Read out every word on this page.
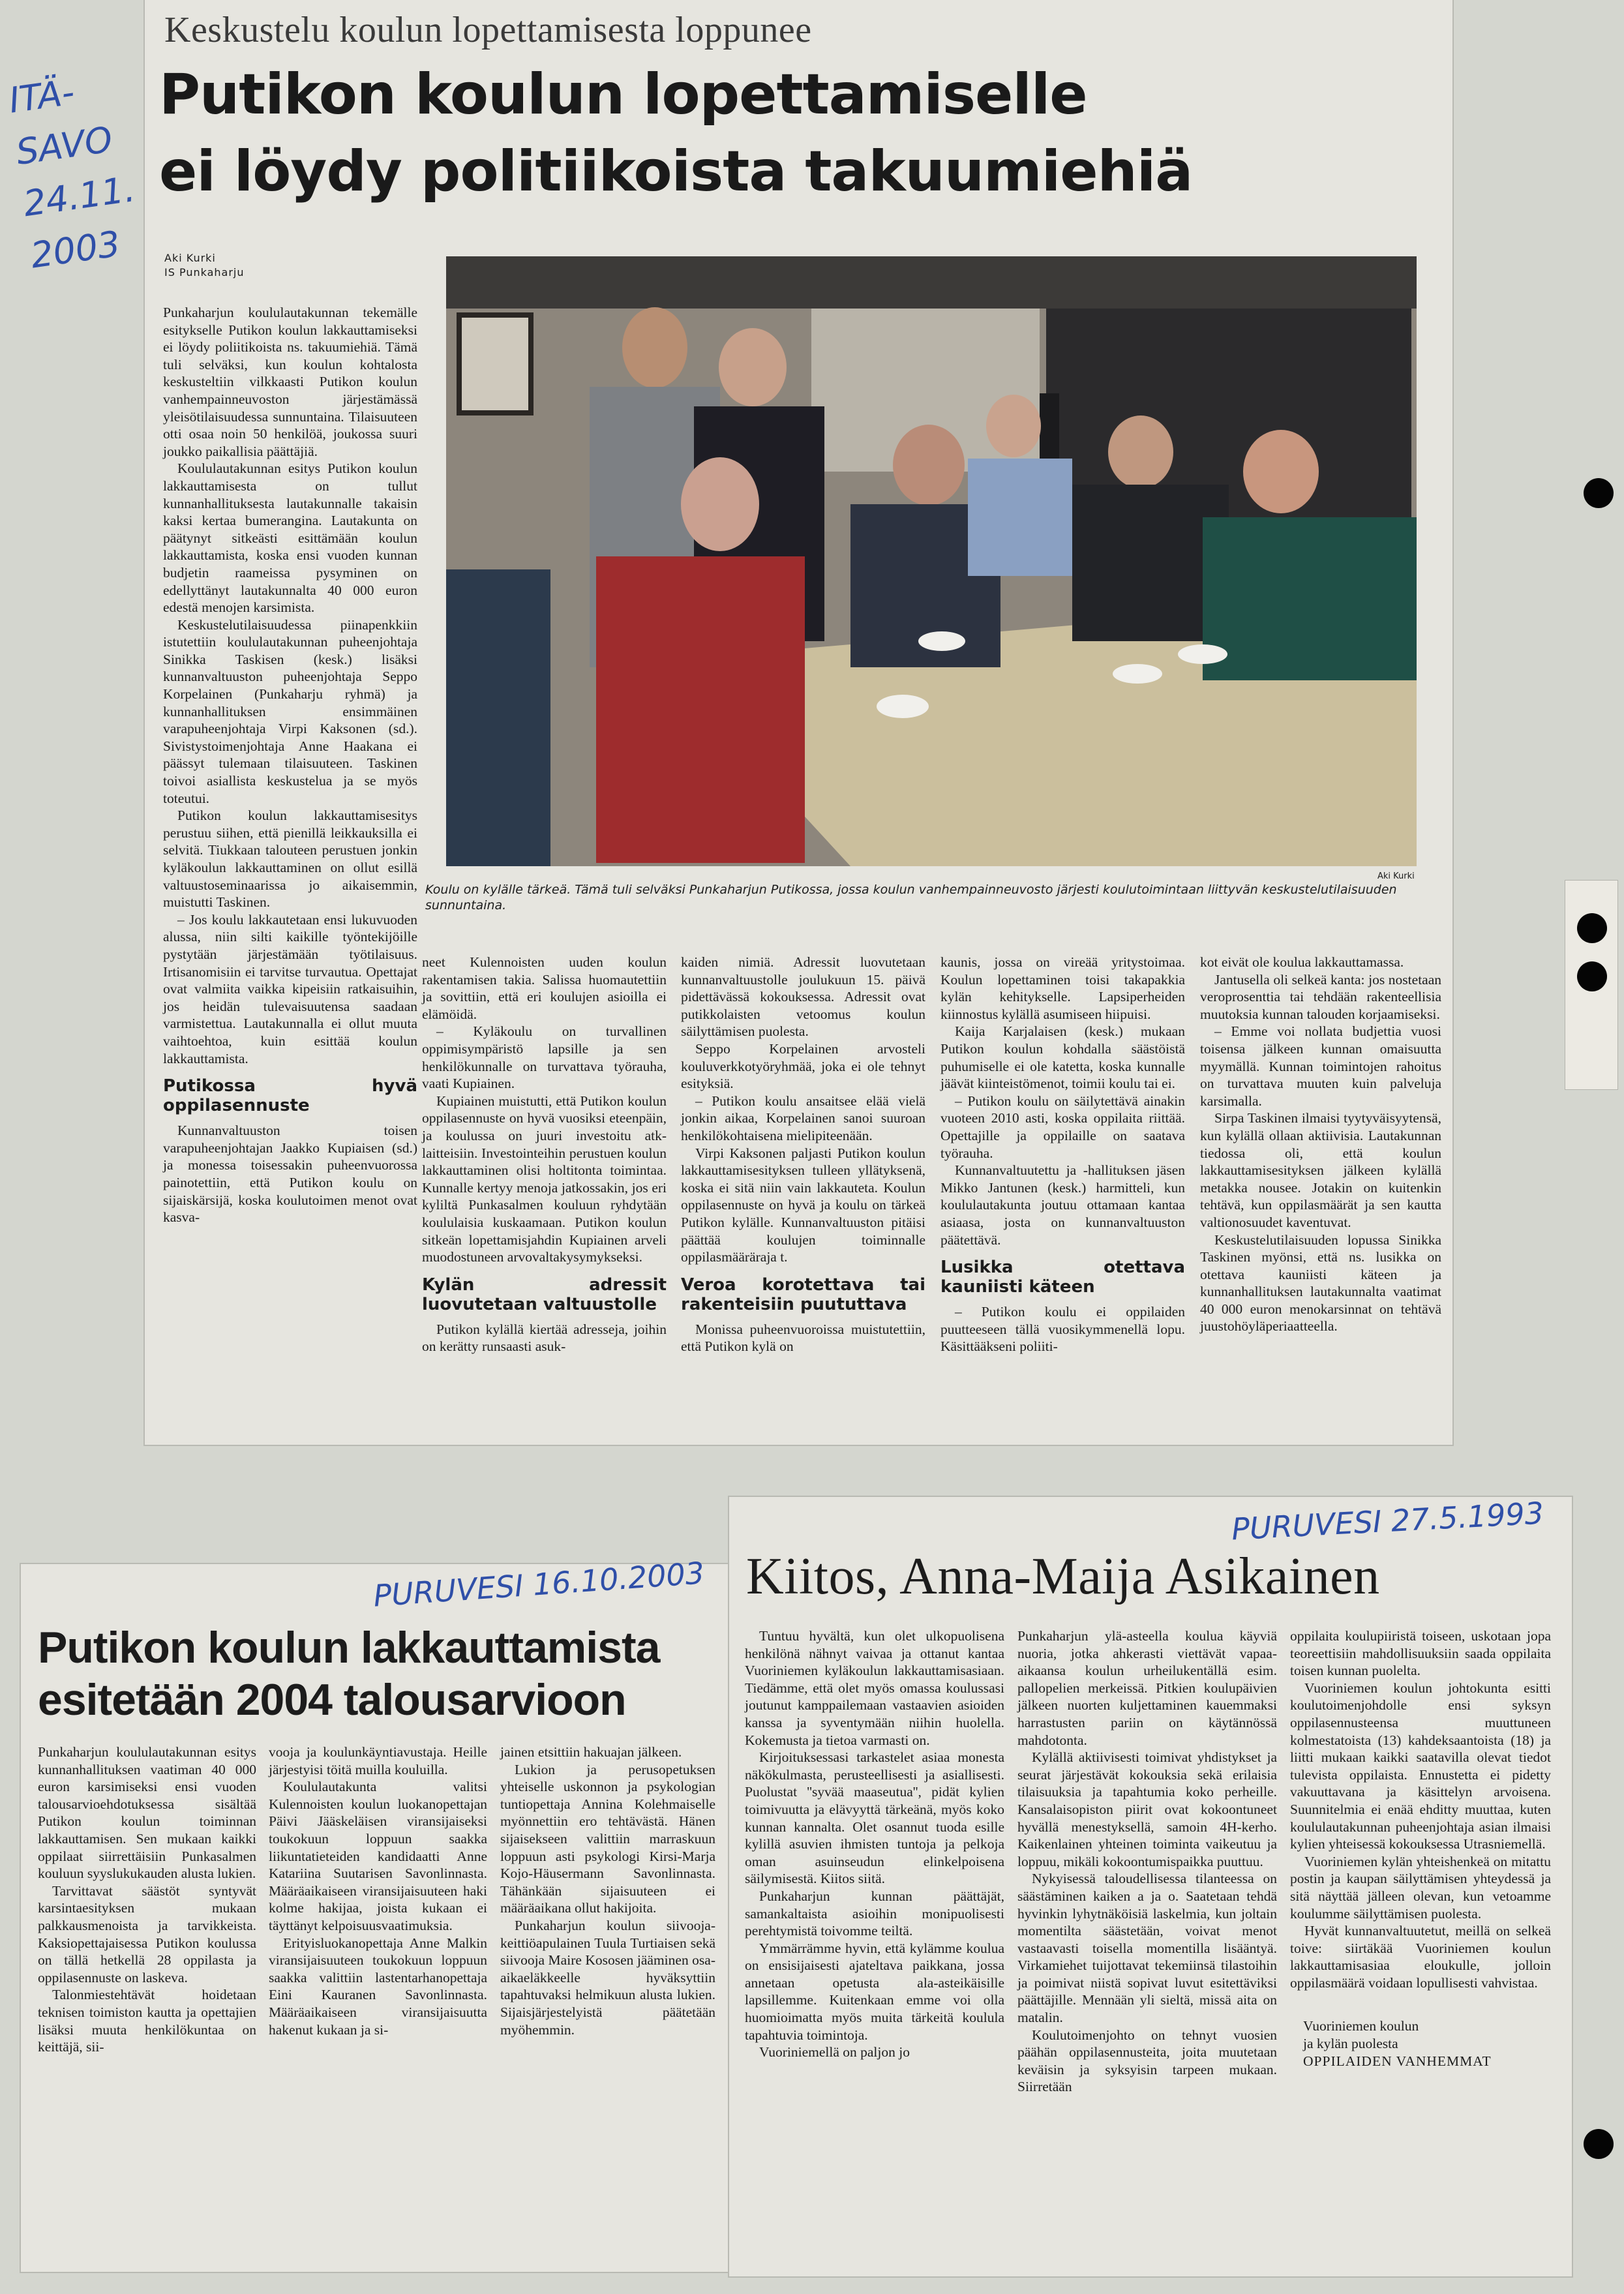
ITÄ-
SAVO
24.11.
2003
Keskustelu koulun lopettamisesta loppunee
Putikon koulun lopettamiselle
ei löydy politiikoista takuumiehiä
Aki Kurki
IS Punkaharju
Aki Kurki
Koulu on kylälle tärkeä. Tämä tuli selväksi Punkaharjun Putikossa, jossa koulun vanhempainneuvosto järjesti koulutoimintaan liittyvän keskustelutilaisuuden sunnuntaina.

Punkaharjun koululautakunnan tekemälle esitykselle Putikon koulun lakkauttamiseksi ei löydy poliitikoista ns. takuumiehiä. Tämä tuli selväksi, kun koulun kohtalosta keskusteltiin vilkkaasti Putikon koulun vanhempainneuvoston järjestämässä yleisötilaisuudessa sunnuntaina. Tilaisuuteen otti osaa noin 50 henkilöä, joukossa suuri joukko paikallisia päättäjiä.

Koululautakunnan esitys Putikon koulun lakkauttamisesta on tullut kunnanhallituksesta lautakunnalle takaisin kaksi kertaa bumeranginа. Lautakunta on päätynyt sitkeästi esittämään koulun lakkauttamista, koska ensi vuoden kunnan budjetin raameissa pysyminen on edellyttänyt lautakunnalta 40 000 euron edestä menojen karsimista.

Keskustelutilaisuudessa piinapenkkiin istutettiin koululautakunnan puheenjohtaja Sinikka Taskisen (kesk.) lisäksi kunnanvaltuuston puheenjohtaja Seppo Korpelainen (Punkaharju ryhmä) ja kunnanhallituksen ensimmäinen varapuheenjohtaja Virpi Kaksonen (sd.). Sivistystoimenjohtaja Anne Haakana ei päässyt tulemaan tilaisuuteen. Taskinen toivoi asiallista keskustelua ja se myös toteutui.

Putikon koulun lakkauttamisesitys perustuu siihen, että pienillä leikkauksilla ei selvitä. Tiukkaan talouteen perustuen jonkin kyläkoulun lakkauttaminen on ollut esillä valtuustoseminaarissa jo aikaisemmin, muistutti Taskinen.

– Jos koulu lakkautetaan ensi lukuvuoden alussa, niin silti kaikille työntekijöille pystytään järjestämään työtilaisuus. Irtisanomisiin ei tarvitse turvautua. Opettajat ovat valmiita vaikka kipeisiin ratkaisuihin, jos heidän tulevaisuutensa saadaan varmistettua. Lautakunnalla ei ollut muuta vaihtoehtoa, kuin esittää koulun lakkauttamista.

Putikossa hyvä oppilasennuste

Kunnanvaltuuston toisen varapuheenjohtajan Jaakko Kupiaisen (sd.) ja monessa toisessakin puheenvuorossa painotettiin, että Putikon koulu on sijaiskärsijä, koska koulutoimen menot ovat kasva-

neet Kulennoisten uuden koulun rakentamisen takia. Salissa huomautettiin ja sovittiin, että eri koulujen asioilla ei elämöidä.

– Kyläkoulu on turvallinen oppimisympäristö lapsille ja sen henkilökunnalle on turvattava työrauha, vaati Kupiainen.

Kupiainen muistutti, että Putikon koulun oppilasennuste on hyvä vuosiksi eteenpäin, ja koulussa on juuri investoitu atk-laitteisiin. Investointeihin perustuen koulun lakkauttaminen olisi holtitonta toimintaa. Kunnalle kertyy menoja jatkossakin, jos eri kyliltä Punkasalmen kouluun ryhdytään koululaisia kuskaamaan. Putikon koulun sitkeän lopettamisjahdin Kupiainen arveli muodostuneen arvovaltakysymykseksi.

Kylän adressit luovutetaan valtuustolle

Putikon kylällä kiertää adresseja, joihin on kerätty runsaasti asuk-

kaiden nimiä. Adressit luovutetaan kunnanvaltuustolle joulukuun 15. päivä pidettävässä kokouksessa. Adressit ovat putikkolaisten vetoomus koulun säilyttämisen puolesta.

Seppo Korpelainen arvosteli kouluverkkotyöryhmää, joka ei ole tehnyt esityksiä.

– Putikon koulu ansaitsee elää vielä jonkin aikaa, Korpelainen sanoi suuroan henkilökohtaisena mielipiteenään.

Virpi Kaksonen paljasti Putikon koulun lakkauttamisesityksen tulleen yllätyksenä, koska ei sitä niin vain lakkauteta. Koulun oppilasennuste on hyvä ja koulu on tärkeä Putikon kylälle. Kunnanvaltuuston pitäisi päättää koulujen toiminnalle oppilasmääräraja t.

Veroa korotettava tai rakenteisiin puututtava

Monissa puheenvuoroissa muistutettiin, että Putikon kylä on

kaunis, jossa on vireää yritystoimaa. Koulun lopettaminen toisi takapakkia kylän kehitykselle. Lapsiperheiden kiinnostus kylällä asumiseen hiipuisi.

Kaija Karjalaisen (kesk.) mukaan Putikon koulun kohdalla säästöistä puhumiselle ei ole katetta, koska kunnalle jäävät kiinteistömenot, toimii koulu tai ei.

– Putikon koulu on säilytettävä ainakin vuoteen 2010 asti, koska oppilaita riittää. Opettajille ja oppilaille on saatava työrauha.

Kunnanvaltuutettu ja -hallituksen jäsen Mikko Jantunen (kesk.) harmitteli, kun koululautakunta joutuu ottamaan kantaa asiaasa, josta on kunnanvaltuuston päätettävä.

Lusikka otettava kauniisti käteen

– Putikon koulu ei oppilaiden puutteeseen tällä vuosikymmenellä lopu. Käsittääkseni poliiti-

kot eivät ole koulua lakkauttamassa.

Jantusella oli selkeä kanta: jos nostetaan veroprosenttia tai tehdään rakenteellisia muutoksia kunnan talouden korjaamiseksi.

– Emme voi nollata budjettia vuosi toisensa jälkeen kunnan omaisuutta myymällä. Kunnan toimintojen rahoitus on turvattava muuten kuin palveluja karsimalla.

Sirpa Taskinen ilmaisi tyytyväisyytensä, kun kylällä ollaan aktiivisia. Lautakunnan tiedossa oli, että koulun lakkauttamisesityksen jälkeen kylällä metakka nousee. Jotakin on kuitenkin tehtävä, kun oppilasmäärät ja sen kautta valtionosuudet kaventuvat.

Keskustelutilaisuuden lopussa Sinikka Taskinen myönsi, että ns. lusikka on otettava kauniisti käteen ja kunnanhallituksen lautakunnalta vaatimat 40 000 euron menokarsinnat on tehtävä juustohöyläperiaatteella.

PURUVESI 16.10.2003
Putikon koulun lakkauttamista
esitetään 2004 talousarvioon

Punkaharjun koululautakunnan esitys kunnanhallituksen vaatiman 40 000 euron karsimiseksi ensi vuoden talousarvioehdotuksessa sisältää Putikon koulun toiminnan lakkauttamisen. Sen mukaan kaikki oppilaat siirrettäisiin Punkasalmen kouluun syyslukukauden alusta lukien.

Tarvittavat säästöt syntyvät karsintaesityksen mukaan palkkausmenoista ja tarvikkeista. Kaksiopettajaisessa Putikon koulussa on tällä hetkellä 28 oppilasta ja oppilasennuste on laskeva.

Talonmiestehtävät hoidetaan teknisen toimiston kautta ja opettajien lisäksi muuta henkilökuntaa on keittäjä, sii-

vooja ja koulunkäyntiavustaja. Heille järjestyisi töitä muilla kouluilla.

Koululautakunta valitsi Kulennoisten koulun luokanopettajan Päivi Jääskeläisen viransijaiseksi toukokuun loppuun saakka liikuntatieteiden kandidaatti Anne Katariina Suutarisen Savonlinnasta. Määräaikaiseen viransijaisuuteen haki kolme hakijaa, joista kukaan ei täyttänyt kelpoisuusvaatimuksia.

Erityisluokanopettaja Anne Malkin viransijaisuuteen toukokuun loppuun saakka valittiin lastentarhanopettaja Eini Kauranen Savonlinnasta. Määräaikaiseen viransijaisuutta hakenut kukaan ja si-

jainen etsittiin hakuajan jälkeen.

Lukion ja perusopetuksen yhteiselle uskonnon ja psykologian tuntiopettaja Annina Kolehmaiselle myönnettiin ero tehtävästä. Hänen sijaisekseen valittiin marraskuun loppuun asti psykologi Kirsi-Marja Kojo-Häusermann Savonlinnasta. Tähänkään sijaisuuteen ei määräaikana ollut hakijoita.

Punkaharjun koulun siivooja-keittiöapulainen Tuula Turtiaisen sekä siivooja Maire Kososen jääminen osa-aikaeläkkeelle hyväksyttiin tapahtuvaksi helmikuun alusta lukien. Sijaisjärjestelyistä päätetään myöhemmin.

PURUVESI 27.5.1993
Kiitos, Anna-Maija Asikainen

Tuntuu hyvältä, kun olet ulkopuolisena henkilönä nähnyt vaivaa ja ottanut kantaa Vuoriniemen kyläkoulun lakkauttamisasiaan. Tiedämme, että olet myös omassa koulussasi joutunut kamppailemaan vastaavien asioiden kanssa ja syventymään niihin huolella. Kokemusta ja tietoa varmasti on.

Kirjoituksessasi tarkastelet asiaa monesta näkökulmasta, perusteellisesti ja asiallisesti. Puolustat ''syvää maaseutua'', pidät kylien toimivuutta ja elävyyttä tärkeänä, myös koko kunnan kannalta. Olet osannut tuoda esille kylillä asuvien ihmisten tuntoja ja pelkoja oman asuinseudun elinkelpoisena säilymisestä. Kiitos siitä.

Punkaharjun kunnan päättäjät, samankaltaista asioihin monipuolisesti perehtymistä toivomme teiltä.

Ymmärrämme hyvin, että kylämme koulua on ensisijaisesti ajateltava paikkana, jossa annetaan opetusta ala-asteikäisille lapsillemme. Kuitenkaan emme voi olla huomioimatta myös muita tärkeitä koulula tapahtuvia toimintoja.

Vuoriniemellä on paljon jo

Punkaharjun ylä-asteella koulua käyviä nuoria, jotka ahkerasti viettävät vapaa-aikaansa koulun urheilukentällä esim. pallopelien merkeissä. Pitkien koulupäivien jälkeen nuorten kuljettaminen kauemmaksi harrastusten pariin on käytännössä mahdotonta.

Kylällä aktiivisesti toimivat yhdistykset ja seurat järjestävät kokouksia sekä erilaisia tilaisuuksia ja tapahtumia koko perheille. Kansalaisopiston piirit ovat kokoontuneet hyvällä menestyksellä, samoin 4H-kerho. Kaikenlainen yhteinen toiminta vaikeutuu ja loppuu, mikäli kokoontumispaikka puuttuu.

Nykyisessä taloudellisessa tilanteessa on säästäminen kaiken a ja o. Saatetaan tehdä hyvinkin lyhytnäköisiä laskelmia, kun joltain momentilta säästetään, voivat menot vastaavasti toisella momentilla lisääntyä. Virkamiehet tuijottavat tekemiinsä tilastoihin ja poimivat niistä sopivat luvut esitettäviksi päättäjille. Mennään yli sieltä, missä aita on matalin.

Koulutoimenjohto on tehnyt vuosien päähän oppilasennusteita, joita muutetaan keväisin ja syksyisin tarpeen mukaan. Siirretään

oppilaita koulupiiristä toiseen, uskotaan jopa teoreettisiin mahdollisuuksiin saada oppilaita toisen kunnan puolelta.

Vuoriniemen koulun johtokunta esitti koulutoimenjohdolle ensi syksyn oppilasennusteensa muuttuneen kolmestatoista (13) kahdeksaantoista (18) ja liitti mukaan kaikki saatavilla olevat tiedot tulevista oppilaista. Ennustetta ei pidetty vakuuttavana ja käsittelyn arvoisena. Suunnitelmia ei enää ehditty muuttaa, kuten koululautakunnan puheenjohtaja asian ilmaisi kylien yhteisessä kokouksessa Utrasniemellä.

Vuoriniemen kylän yhteishenkeä on mitattu postin ja kaupan säilyttämisen yhteydessä ja sitä näyttää jälleen olevan, kun vetoamme koulumme säilyttämisen puolesta.

Hyvät kunnanvaltuutetut, meillä on selkeä toive: siirtäkää Vuoriniemen koulun lakkauttamisasiaa eloukulle, jolloin oppilasmäärä voidaan lopullisesti vahvistaa.

Vuoriniemen koulun
ja kylän puolesta
OPPILAIDEN VANHEMMAT
